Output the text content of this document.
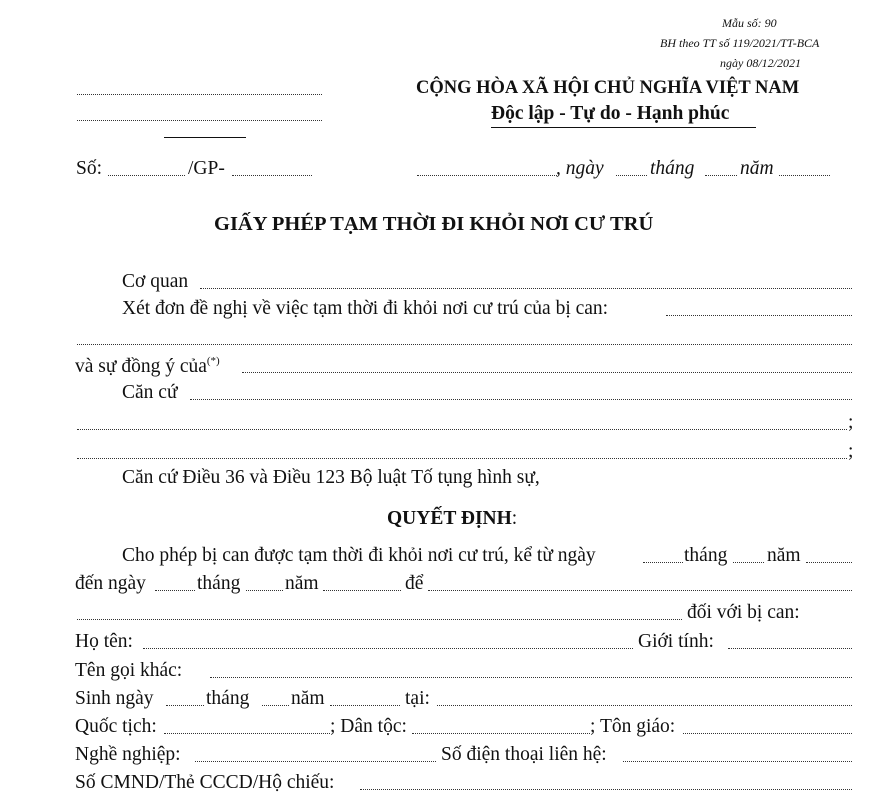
Mẫu số: 90
BH theo TT số 119/2021/TT-BCA
ngày 08/12/2021
CỘNG HÒA XÃ HỘI CHỦ NGHĨA VIỆT NAM
Độc lập - Tự do - Hạnh phúc
Số:	/GP-	, ngày tháng năm
GIẤY PHÉP TẠM THỜI ĐI KHỎI NƠI CƯ TRÚ
Cơ quan
Xét đơn đề nghị về việc tạm thời đi khỏi nơi cư trú của bị can:
và sự đồng ý của(*)
Căn cứ
;
;
Căn cứ Điều 36 và Điều 123 Bộ luật Tố tụng hình sự,
QUYẾT ĐỊNH:
Cho phép bị can được tạm thời đi khỏi nơi cư trú, kể từ ngày	tháng năm
đến ngày	tháng năm	để
đối với bị can:
Họ tên:	Giới tính:
Tên gọi khác:
Sinh ngày	tháng năm	tại:
Quốc tịch:	; Dân tộc:	; Tôn giáo:
Nghề nghiệp:	Số điện thoại liên hệ:
Số CMND/Thẻ CCCD/Hộ chiếu:
